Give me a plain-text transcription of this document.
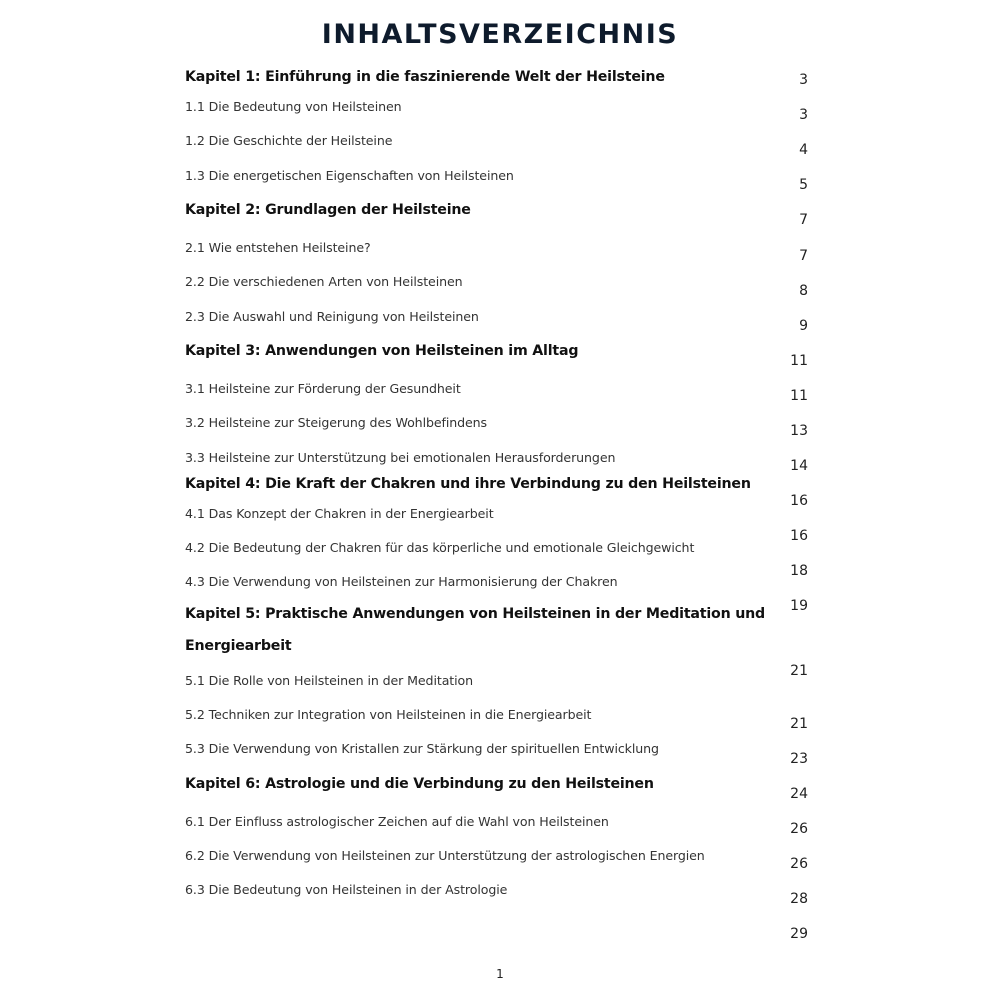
INHALTSVERZEICHNIS
Kapitel 1: Einführung in die faszinierende Welt der Heilsteine
1.1 Die Bedeutung von Heilsteinen
1.2 Die Geschichte der Heilsteine
1.3 Die energetischen Eigenschaften von Heilsteinen
Kapitel 2: Grundlagen der Heilsteine
2.1 Wie entstehen Heilsteine?
2.2 Die verschiedenen Arten von Heilsteinen
2.3 Die Auswahl und Reinigung von Heilsteinen
Kapitel 3: Anwendungen von Heilsteinen im Alltag
3.1 Heilsteine zur Förderung der Gesundheit
3.2 Heilsteine zur Steigerung des Wohlbefindens
3.3 Heilsteine zur Unterstützung bei emotionalen Herausforderungen
Kapitel 4: Die Kraft der Chakren und ihre Verbindung zu den Heilsteinen
4.1 Das Konzept der Chakren in der Energiearbeit
4.2 Die Bedeutung der Chakren für das körperliche und emotionale Gleichgewicht
4.3 Die Verwendung von Heilsteinen zur Harmonisierung der Chakren
Kapitel 5: Praktische Anwendungen von Heilsteinen in der Meditation und
Energiearbeit
5.1 Die Rolle von Heilsteinen in der Meditation
5.2 Techniken zur Integration von Heilsteinen in die Energiearbeit
5.3 Die Verwendung von Kristallen zur Stärkung der spirituellen Entwicklung
Kapitel 6: Astrologie und die Verbindung zu den Heilsteinen
6.1 Der Einfluss astrologischer Zeichen auf die Wahl von Heilsteinen
6.2 Die Verwendung von Heilsteinen zur Unterstützung der astrologischen Energien
6.3 Die Bedeutung von Heilsteinen in der Astrologie
3
3
4
5
7
7
8
9
11
11
13
14
16
16
18
19
21
21
23
24
26
26
28
29
1
